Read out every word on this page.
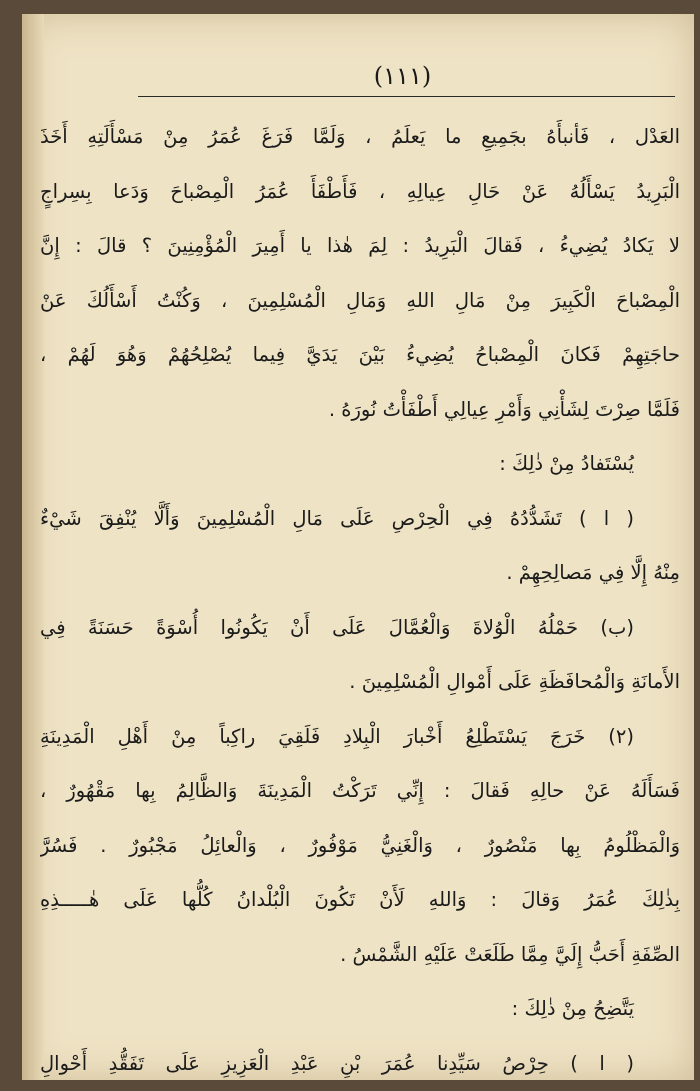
(١١١)
العَدْل ، فَأنبأَهُ بجَمِيعِ ما يَعلَمُ ، وَلَمَّا فَرَغَ عُمَرُ مِنْ مَسْأَلَتِهِ أَخَذَ
الْبَرِيدُ يَسْأَلُهُ عَنْ حَالِ عِيالِهِ ، فَأَطْفَأَ عُمَرُ الْمِصْباحَ وَدَعا بِسِراجٍ
لا يَكادُ يُضِيءُ ، فَقالَ الْبَرِيدُ : لِمَ هٰذا يا أَمِيرَ الْمُؤْمِنِينَ ؟ قالَ : إِنَّ
الْمِصْباحَ الْكَبِيرَ مِنْ مَالِ اللهِ وَمَالِ الْمُسْلِمِينَ ، وَكُنْتُ أَسْأَلُكَ عَنْ
حاجَتِهِمْ فَكانَ الْمِصْباحُ يُضِيءُ بَيْنَ يَدَيَّ فِيما يُصْلِحُهُمْ وَهُوَ لَهُمْ ،
فَلَمَّا صِرْتَ لِشَأْنِي وَأَمْرِ عِيالِي أَطْفَأْتُ نُورَهُ .
يُسْتَفادُ مِنْ ذٰلِكَ :
( ا ) تَشَدُّدُهُ فِي الْحِرْصِ عَلَى مَالِ الْمُسْلِمِينَ وَأَلَّا يُنْفِقَ شَيْءٌ
مِنْهُ إِلَّا فِي مَصالِحِهِمْ .
(ب) حَمْلُهُ الْوُلاةَ وَالْعُمَّالَ عَلَى أَنْ يَكُونُوا أُسْوَةً حَسَنَةً فِي
الأَمانَةِ وَالْمُحافَظَةِ عَلَى أَمْوالِ الْمُسْلِمِينَ .
(٢) خَرَجَ يَسْتَطْلِعُ أَخْبارَ الْبِلادِ فَلَقِيَ راكِباً مِنْ أَهْلِ الْمَدِينَةِ
فَسَأَلَهُ عَنْ حالِهِ فَقالَ : إِنِّي تَرَكْتُ الْمَدِينَةَ وَالظَّالِمُ بِها مَقْهُورٌ ،
وَالْمَظْلُومُ بِها مَنْصُورٌ ، وَالْغَنِيُّ مَوْفُورٌ ، وَالْعائِلُ مَجْبُورٌ . فَسُرَّ
بِذٰلِكَ عُمَرُ وَقالَ : وَاللهِ لَأَنْ تَكُونَ الْبُلْدانُ كُلُّها عَلَى هٰـــــذِهِ
الصِّفَةِ أَحَبُّ إِلَيَّ مِمَّا طَلَعَتْ عَلَيْهِ الشَّمْسُ .
يَتَّضِحُ مِنْ ذٰلِكَ :
( ا ) حِرْصُ سَيِّدِنا عُمَرَ بْنِ عَبْدِ الْعَزِيزِ عَلَى تَفَقُّدِ أَحْوالِ
